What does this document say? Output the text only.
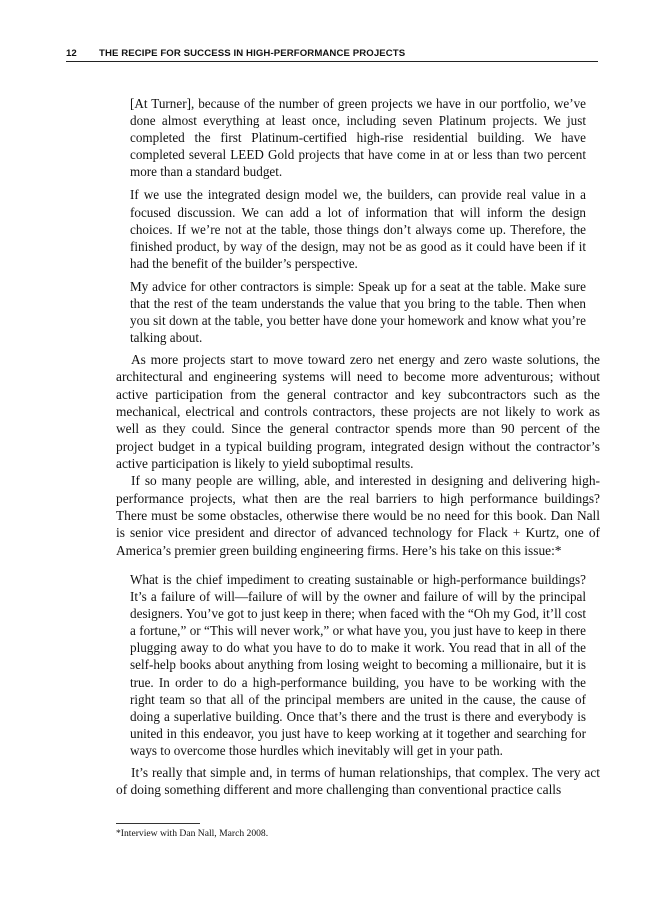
12 THE RECIPE FOR SUCCESS IN HIGH-PERFORMANCE PROJECTS

[At Turner], because of the number of green projects we have in our portfolio, we’ve done almost everything at least once, including seven Platinum projects. We just completed the first Platinum-certified high-rise residential building. We have completed several LEED Gold projects that have come in at or less than two percent more than a standard budget.

If we use the integrated design model we, the builders, can provide real value in a focused discussion. We can add a lot of information that will inform the design choices. If we’re not at the table, those things don’t always come up. Therefore, the finished product, by way of the design, may not be as good as it could have been if it had the benefit of the builder’s perspective.

My advice for other contractors is simple: Speak up for a seat at the table. Make sure that the rest of the team understands the value that you bring to the table. Then when you sit down at the table, you better have done your homework and know what you’re talking about.

As more projects start to move toward zero net energy and zero waste solutions, the architectural and engineering systems will need to become more adventurous; without active participation from the general contractor and key subcontractors such as the mechanical, electrical and controls contractors, these projects are not likely to work as well as they could. Since the general contractor spends more than 90 percent of the project budget in a typical building program, integrated design without the contractor’s active participation is likely to yield suboptimal results.

If so many people are willing, able, and interested in designing and delivering high-performance projects, what then are the real barriers to high performance buildings? There must be some obstacles, otherwise there would be no need for this book. Dan Nall is senior vice president and director of advanced technology for Flack + Kurtz, one of America’s premier green building engineering firms. Here’s his take on this issue:*

What is the chief impediment to creating sustainable or high-performance buildings? It’s a failure of will—failure of will by the owner and failure of will by the principal designers. You’ve got to just keep in there; when faced with the “Oh my God, it’ll cost a fortune,” or “This will never work,” or what have you, you just have to keep in there plugging away to do what you have to do to make it work. You read that in all of the self-help books about anything from losing weight to becoming a millionaire, but it is true. In order to do a high-performance building, you have to be working with the right team so that all of the principal members are united in the cause, the cause of doing a superlative building. Once that’s there and the trust is there and everybody is united in this endeavor, you just have to keep working at it together and searching for ways to overcome those hurdles which inevitably will get in your path.

It’s really that simple and, in terms of human relationships, that complex. The very act of doing something different and more challenging than conventional practice calls

*Interview with Dan Nall, March 2008.
